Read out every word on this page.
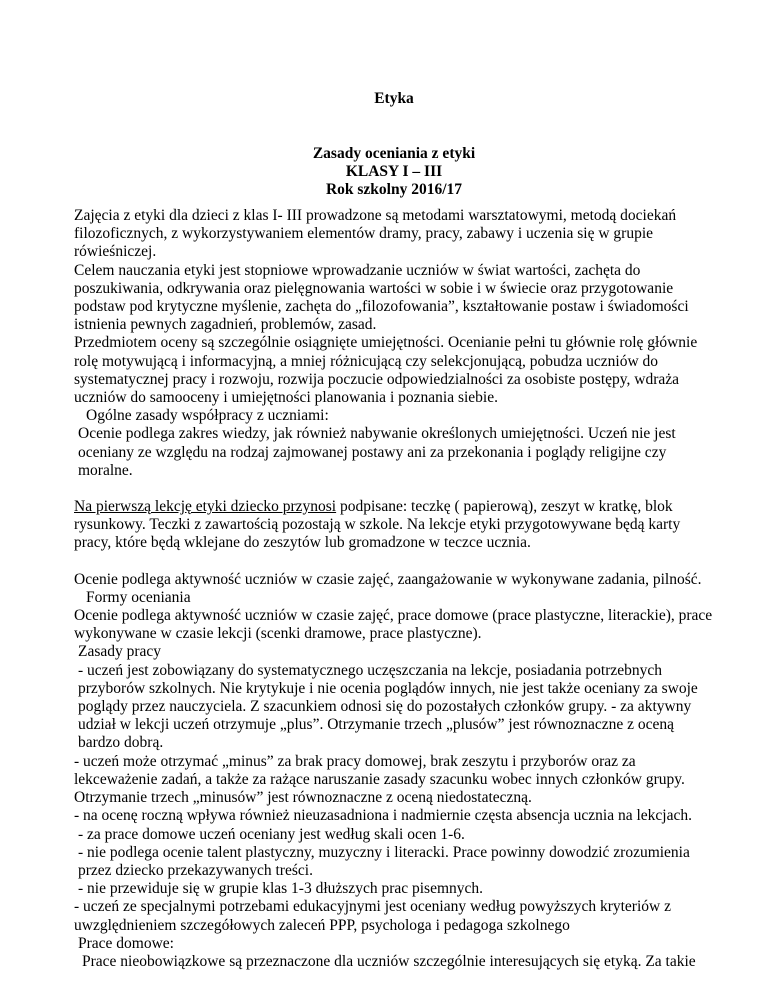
Etyka

Zasady oceniania z etyki

KLASY I – III

Rok szkolny 2016/17

Zajęcia z etyki dla dzieci z klas I- III prowadzone są metodami warsztatowymi, metodą dociekań filozoficznych, z wykorzystywaniem elementów dramy, pracy, zabawy i uczenia się w grupie rówieśniczej.

Celem nauczania etyki jest stopniowe wprowadzanie uczniów w świat wartości, zachęta do poszukiwania, odkrywania oraz pielęgnowania wartości w sobie i w świecie oraz przygotowanie podstaw pod krytyczne myślenie, zachęta do „filozofowania”, kształtowanie postaw i świadomości istnienia pewnych zagadnień, problemów, zasad.

Przedmiotem oceny są szczególnie osiągnięte umiejętności. Ocenianie pełni tu głównie rolę głównie rolę motywującą i informacyjną, a mniej różnicującą czy selekcjonującą, pobudza uczniów do systematycznej pracy i rozwoju, rozwija poczucie odpowiedzialności za osobiste postępy, wdraża uczniów do samooceny i umiejętności planowania i poznania siebie.

Ogólne zasady współpracy z uczniami:

Ocenie podlega zakres wiedzy, jak również nabywanie określonych umiejętności. Uczeń nie jest oceniany ze względu na rodzaj zajmowanej postawy ani za przekonania i poglądy religijne czy moralne.

Na pierwszą lekcję etyki dziecko przynosi podpisane: teczkę ( papierową), zeszyt w kratkę, blok rysunkowy. Teczki z zawartością pozostają w szkole. Na lekcje etyki przygotowywane będą karty pracy, które będą wklejane do zeszytów lub gromadzone w teczce ucznia.

Ocenie podlega aktywność uczniów w czasie zajęć, zaangażowanie w wykonywane zadania, pilność.

Formy oceniania

Ocenie podlega aktywność uczniów w czasie zajęć, prace domowe (prace plastyczne, literackie), prace wykonywane w czasie lekcji (scenki dramowe, prace plastyczne).

Zasady pracy

- uczeń jest zobowiązany do systematycznego uczęszczania na lekcje, posiadania potrzebnych przyborów szkolnych. Nie krytykuje i nie ocenia poglądów innych, nie jest także oceniany za swoje poglądy przez nauczyciela. Z szacunkiem odnosi się do pozostałych członków grupy. - za aktywny udział w lekcji uczeń otrzymuje „plus”. Otrzymanie trzech „plusów” jest równoznaczne z oceną bardzo dobrą.

- uczeń może otrzymać „minus” za brak pracy domowej, brak zeszytu i przyborów oraz za lekceważenie zadań, a także za rażące naruszanie zasady szacunku wobec innych członków grupy. Otrzymanie trzech „minusów” jest równoznaczne z oceną niedostateczną.

- na ocenę roczną wpływa również nieuzasadniona i nadmiernie częsta absencja ucznia na lekcjach.

- za prace domowe uczeń oceniany jest według skali ocen 1-6.

- nie podlega ocenie talent plastyczny, muzyczny i literacki. Prace powinny dowodzić zrozumienia przez dziecko przekazywanych treści.

- nie przewiduje się w grupie klas 1-3 dłuższych prac pisemnych.

- uczeń ze specjalnymi potrzebami edukacyjnymi jest oceniany według powyższych kryteriów z uwzględnieniem szczegółowych zaleceń PPP, psychologa i pedagoga szkolnego

Prace domowe:

Prace nieobowiązkowe są przeznaczone dla uczniów szczególnie interesujących się etyką. Za takie
